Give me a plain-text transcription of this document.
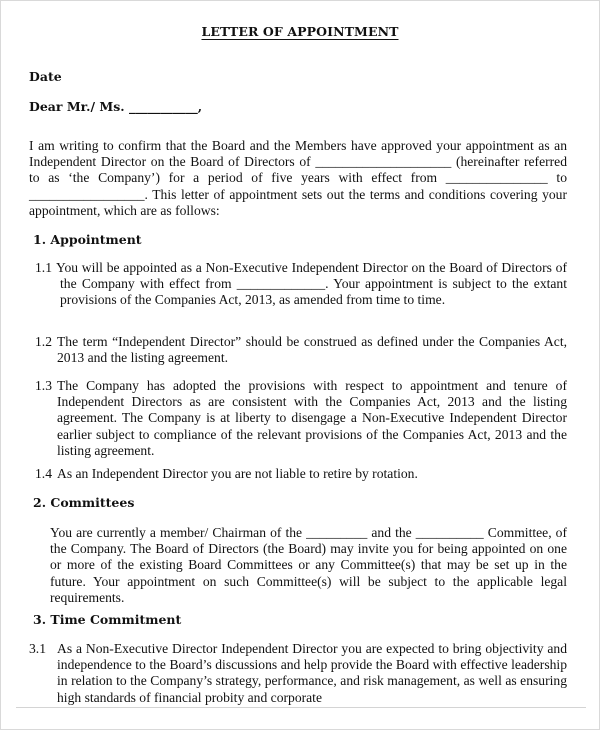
LETTER OF APPOINTMENT
Date
Dear Mr./ Ms. ___________,
I am writing to confirm that the Board and the Members have approved your appointment as an Independent Director on the Board of Directors of ____________________ (hereinafter referred to as ‘the Company’) for a period of five years with effect from _______________ to _________________. This letter of appointment sets out the terms and conditions covering your appointment, which are as follows:
1. Appointment
1.1 You will be appointed as a Non-Executive Independent Director on the Board of Directors of the Company with effect from _____________. Your appointment is subject to the extant provisions of the Companies Act, 2013, as amended from time to time.
1.2 The term “Independent Director” should be construed as defined under the Companies Act, 2013 and the listing agreement.
1.3 The Company has adopted the provisions with respect to appointment and tenure of Independent Directors as are consistent with the Companies Act, 2013 and the listing agreement. The Company is at liberty to disengage a Non-Executive Independent Director earlier subject to compliance of the relevant provisions of the Companies Act, 2013 and the listing agreement.
1.4 As an Independent Director you are not liable to retire by rotation.
2. Committees
You are currently a member/ Chairman of the _________ and the __________ Committee, of the Company. The Board of Directors (the Board) may invite you for being appointed on one or more of the existing Board Committees or any Committee(s) that may be set up in the future. Your appointment on such Committee(s) will be subject to the applicable legal requirements.
3. Time Commitment
3.1 As a Non-Executive Director Independent Director you are expected to bring objectivity and independence to the Board’s discussions and help provide the Board with effective leadership in relation to the Company’s strategy, performance, and risk management, as well as ensuring high standards of financial probity and corporate
